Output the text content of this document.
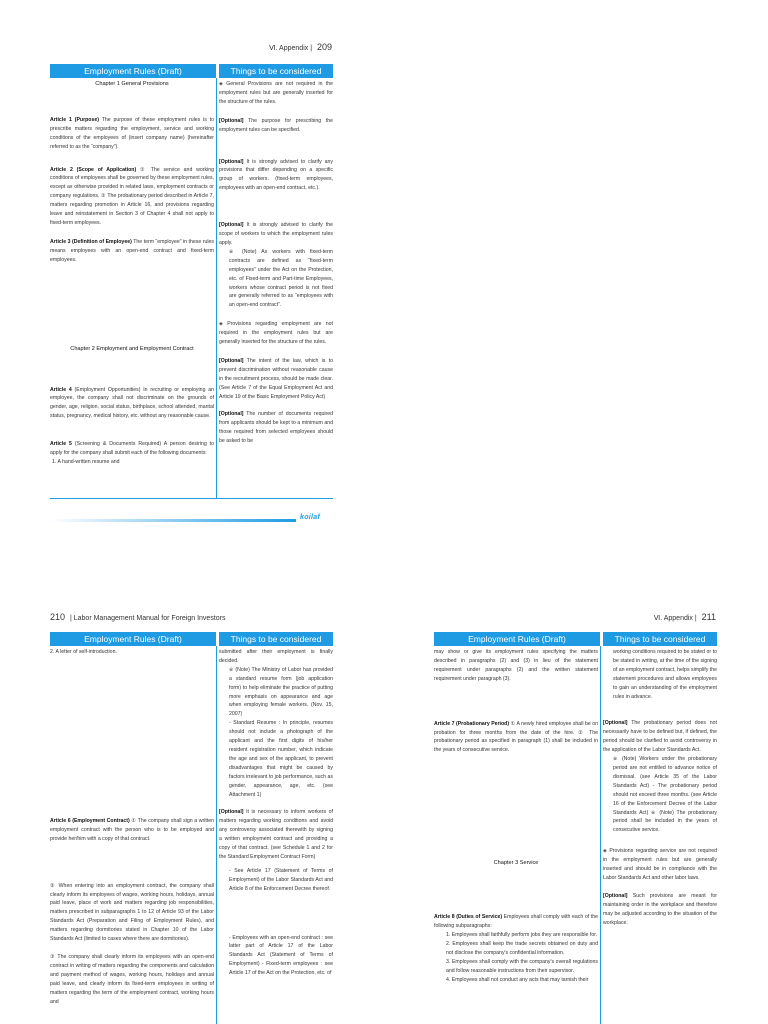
Ⅵ. Appendix | 209
Employment Rules (Draft)	Things to be considered

Chapter 1 General Provisions

Article 1 (Purpose) The purpose of these employment rules is to prescribe matters regarding the employment, service and working conditions of the employees of (insert company name) (hereinafter referred to as the “company”).

Article 2 (Scope of Application) ① The service and working conditions of employees shall be governed by these employment rules, except as otherwise provided in related laws, employment contracts or company regulations. ② The probationary period described in Article 7, matters regarding promotion in Article 16, and provisions regarding leave and reinstatement in Section 3 of Chapter 4 shall not apply to fixed-term employees.

Article 3 (Definition of Employee) The term “employee” in these rules means employees with an open-end contract and fixed-term employees.

Chapter 2 Employment and Employment Contract

Article 4 (Employment Opportunities) In recruiting or employing an employee, the company shall not discriminate on the grounds of gender, age, religion, social status, birthplace, school attended, marital status, pregnancy, medical history, etc. without any reasonable cause.

Article 5 (Screening & Documents Required) A person desiring to apply for the company shall submit each of the following documents:

1. A hand-written resume and

◈ General Provisions are not required in the employment rules but are generally inserted for the structure of the rules.

[Optional] The purpose for prescribing the employment rules can be specified.

[Optional] It is strongly advised to clarify any provisions that differ depending on a specific group of workers. (fixed-term employees, employees with an open-end contract, etc.).

[Optional] It is strongly advised to clarify the scope of workers to which the employment rules apply.

※ (Note) As workers with fixed-term contracts are defined as “fixed-term employees” under the Act on the Protection, etc. of Fixed-term and Part-time Employees, workers whose contract period is not fixed are generally referred to as “employees with an open-end contract”.

◈ Provisions regarding employment are not required in the employment rules but are generally inserted for the structure of the rules.

[Optional] The intent of the law, which is to prevent discrimination without reasonable cause in the recruitment process, should be made clear. (See Article 7 of the Equal Employment Act and Article 19 of the Basic Employment Policy Act)

[Optional] The number of documents required from applicants should be kept to a minimum and those required from selected employees should be asked to be

koilaf
210 | Labor Management Manual for Foreign Investors
Employment Rules (Draft)	Things to be considered

2. A letter of self-introduction.

Article 6 (Employment Contract) ① The company shall sign a written employment contract with the person who is to be employed and provide her/him with a copy of that contract.

② When entering into an employment contract, the company shall clearly inform its employees of wages, working hours, holidays, annual paid leave, place of work and matters regarding job responsibilities, matters prescribed in subparagraphs 1 to 12 of Article 93 of the Labor Standards Act (Preparation and Filing of Employment Rules), and matters regarding dormitories stated in Chapter 10 of the Labor Standards Act (limited to cases where there are dormitories).

③ The company shall clearly inform its employees with an open-end contract in writing of matters regarding the components and calculation and payment method of wages, working hours, holidays and annual paid leave, and clearly inform its fixed-term employees in writing of matters regarding the term of the employment contract, working hours and

submitted after their employment is finally decided.

※ (Note) The Ministry of Labor has provided a standard resume form (job application form) to help eliminate the practice of putting more emphasis on appearance and age when employing female workers. (Nov. 15, 2007)

- Standard Resume : In principle, resumes should not include a photograph of the applicant and the first digits of his/her resident registration number, which indicate the age and sex of the applicant, to prevent disadvantages that might be caused by factors irrelevant to job performance, such as gender, appearance, age, etc. (see Attachment 1)

[Optional] It is necessary to inform workers of matters regarding working conditions and avoid any controversy associated therewith by signing a written employment contract and providing a copy of that contract. (see Schedule 1 and 2 for the Standard Employment Contract Form)

- See Article 17 (Statement of Terms of Employment) of the Labor Standards Act and Article 8 of the Enforcement Decree thereof.

- Employees with an open-end contract : see latter part of Article 17 of the Labor Standards Act (Statement of Terms of Employment) - Fixed-term employees : see Article 17 of the Act on the Protection, etc. of

Ⅵ. Appendix | 211
Employment Rules (Draft)	Things to be considered

may show or give its employment rules specifying the matters described in paragraphs (2) and (3) in lieu of the statement requirement under paragraphs (2) and the written statement requirement under paragraph (3).

Article 7 (Probationary Period) ① A newly hired employee shall be on probation for three months from the date of the hire. ② The probationary period as specified in paragraph (1) shall be included in the years of consecutive service.

Chapter 3 Service

Article 8 (Duties of Service) Employees shall comply with each of the following subparagraphs:

1. Employees shall faithfully perform jobs they are responsible for.

2. Employees shall keep the trade secrets obtained on duty and not disclose the company's confidential information.

3. Employees shall comply with the company's overall regulations and follow reasonable instructions from their supervisor.

4. Employees shall not conduct any acts that may tarnish their

working conditions required to be stated or to be stated in writing, at the time of the signing of an employment contract, helps simplify the statement procedures and allows employees to gain an understanding of the employment rules in advance.

[Optional] The probationary period does not necessarily have to be defined but, if defined, the period should be clarified to avoid controversy in the application of the Labor Standards Act.

※ (Note) Workers under the probationary period are not entitled to advance notice of dismissal. (see Article 35 of the Labor Standards Act) - The probationary period should not exceed three months. (see Article 16 of the Enforcement Decree of the Labor Standards Act) ※ (Note) The probationary period shall be included in the years of consecutive service.

◈ Provisions regarding service are not required in the employment rules but are generally inserted and should be in compliance with the Labor Standards Act and other labor laws.

[Optional] Such provisions are meant for maintaining order in the workplace and therefore may be adjusted according to the situation of the workplace.
